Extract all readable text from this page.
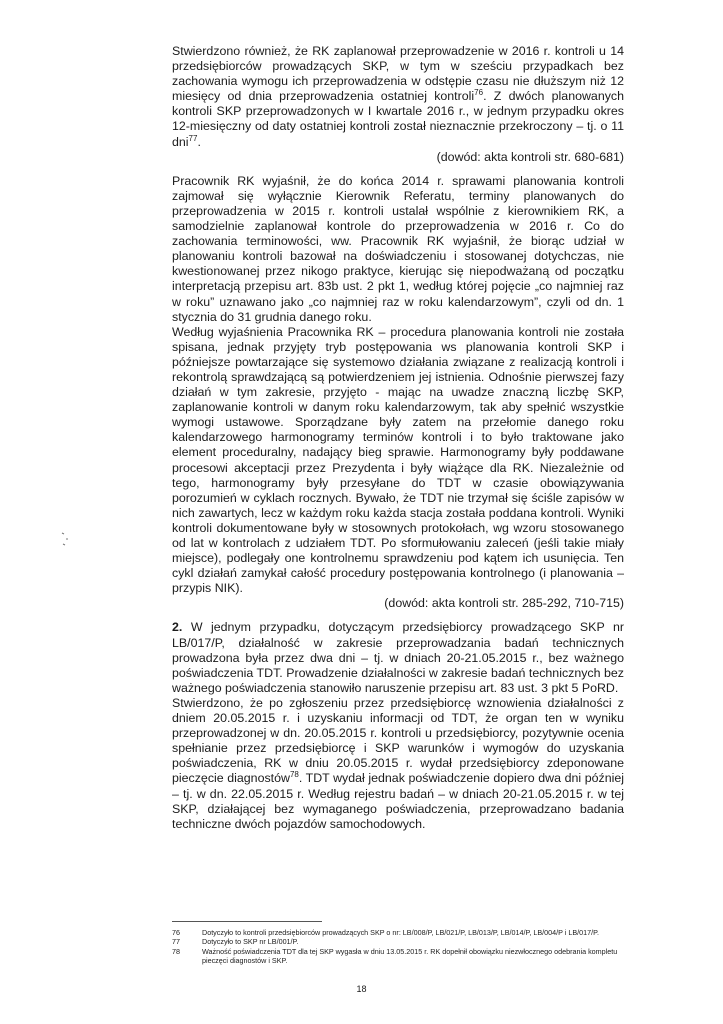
Stwierdzono również, że RK zaplanował przeprowadzenie w 2016 r. kontroli u 14 przedsiębiorców prowadzących SKP, w tym w sześciu przypadkach bez zachowania wymogu ich przeprowadzenia w odstępie czasu nie dłuższym niż 12 miesięcy od dnia przeprowadzenia ostatniej kontroli$^{76}$. Z dwóch planowanych kontroli SKP przeprowadzonych w I kwartale 2016 r., w jednym przypadku okres 12-miesięczny od daty ostatniej kontroli został nieznacznie przekroczony – tj. o 11 dni$^{77}$.

(dowód: akta kontroli str. 680-681)

Pracownik RK wyjaśnił, że do końca 2014 r. sprawami planowania kontroli zajmował się wyłącznie Kierownik Referatu, terminy planowanych do przeprowadzenia w 2015 r. kontroli ustalał wspólnie z kierownikiem RK, a samodzielnie zaplanował kontrole do przeprowadzenia w 2016 r. Co do zachowania terminowości, ww. Pracownik RK wyjaśnił, że biorąc udział w planowaniu kontroli bazował na doświadczeniu i stosowanej dotychczas, nie kwestionowanej przez nikogo praktyce, kierując się niepodważaną od początku interpretacją przepisu art. 83b ust. 2 pkt 1, według której pojęcie „co najmniej raz w roku” uznawano jako „co najmniej raz w roku kalendarzowym”, czyli od dn. 1 stycznia do 31 grudnia danego roku.

Według wyjaśnienia Pracownika RK – procedura planowania kontroli nie została spisana, jednak przyjęty tryb postępowania ws planowania kontroli SKP i późniejsze powtarzające się systemowo działania związane z realizacją kontroli i rekontrolą sprawdzającą są potwierdzeniem jej istnienia. Odnośnie pierwszej fazy działań w tym zakresie, przyjęto - mając na uwadze znaczną liczbę SKP, zaplanowanie kontroli w danym roku kalendarzowym, tak aby spełnić wszystkie wymogi ustawowe. Sporządzane były zatem na przełomie danego roku kalendarzowego harmonogramy terminów kontroli i to było traktowane jako element proceduralny, nadający bieg sprawie. Harmonogramy były poddawane procesowi akceptacji przez Prezydenta i były wiążące dla RK. Niezależnie od tego, harmonogramy były przesyłane do TDT w czasie obowiązywania porozumień w cyklach rocznych. Bywało, że TDT nie trzymał się ściśle zapisów w nich zawartych, lecz w każdym roku każda stacja została poddana kontroli. Wyniki kontroli dokumentowane były w stosownych protokołach, wg wzoru stosowanego od lat w kontrolach z udziałem TDT. Po sformułowaniu zaleceń (jeśli takie miały miejsce), podlegały one kontrolnemu sprawdzeniu pod kątem ich usunięcia. Ten cykl działań zamykał całość procedury postępowania kontrolnego (i planowania – przypis NIK).

(dowód: akta kontroli str. 285-292, 710-715)

2. W jednym przypadku, dotyczącym przedsiębiorcy prowadzącego SKP nr LB/017/P, działalność w zakresie przeprowadzania badań technicznych prowadzona była przez dwa dni – tj. w dniach 20-21.05.2015 r., bez ważnego poświadczenia TDT. Prowadzenie działalności w zakresie badań technicznych bez ważnego poświadczenia stanowiło naruszenie przepisu art. 83 ust. 3 pkt 5 PoRD.

Stwierdzono, że po zgłoszeniu przez przedsiębiorcę wznowienia działalności z dniem 20.05.2015 r. i uzyskaniu informacji od TDT, że organ ten w wyniku przeprowadzonej w dn. 20.05.2015 r. kontroli u przedsiębiorcy, pozytywnie ocenia spełnianie przez przedsiębiorcę i SKP warunków i wymogów do uzyskania poświadczenia, RK w dniu 20.05.2015 r. wydał przedsiębiorcy zdeponowane pieczęcie diagnostów$^{78}$. TDT wydał jednak poświadczenie dopiero dwa dni później – tj. w dn. 22.05.2015 r. Według rejestru badań – w dniach 20-21.05.2015 r. w tej SKP, działającej bez wymaganego poświadczenia, przeprowadzano badania techniczne dwóch pojazdów samochodowych.

76	Dotyczyło to kontroli przedsiębiorców prowadzących SKP o nr: LB/008/P, LB/021/P, LB/013/P, LB/014/P, LB/004/P i LB/017/P.
77	Dotyczyło to SKP nr LB/001/P.
78	Ważność poświadczenia TDT dla tej SKP wygasła w dniu 13.05.2015 r. RK dopełnił obowiązku niezwłocznego odebrania kompletu pieczęci diagnostów i SKP.
18
